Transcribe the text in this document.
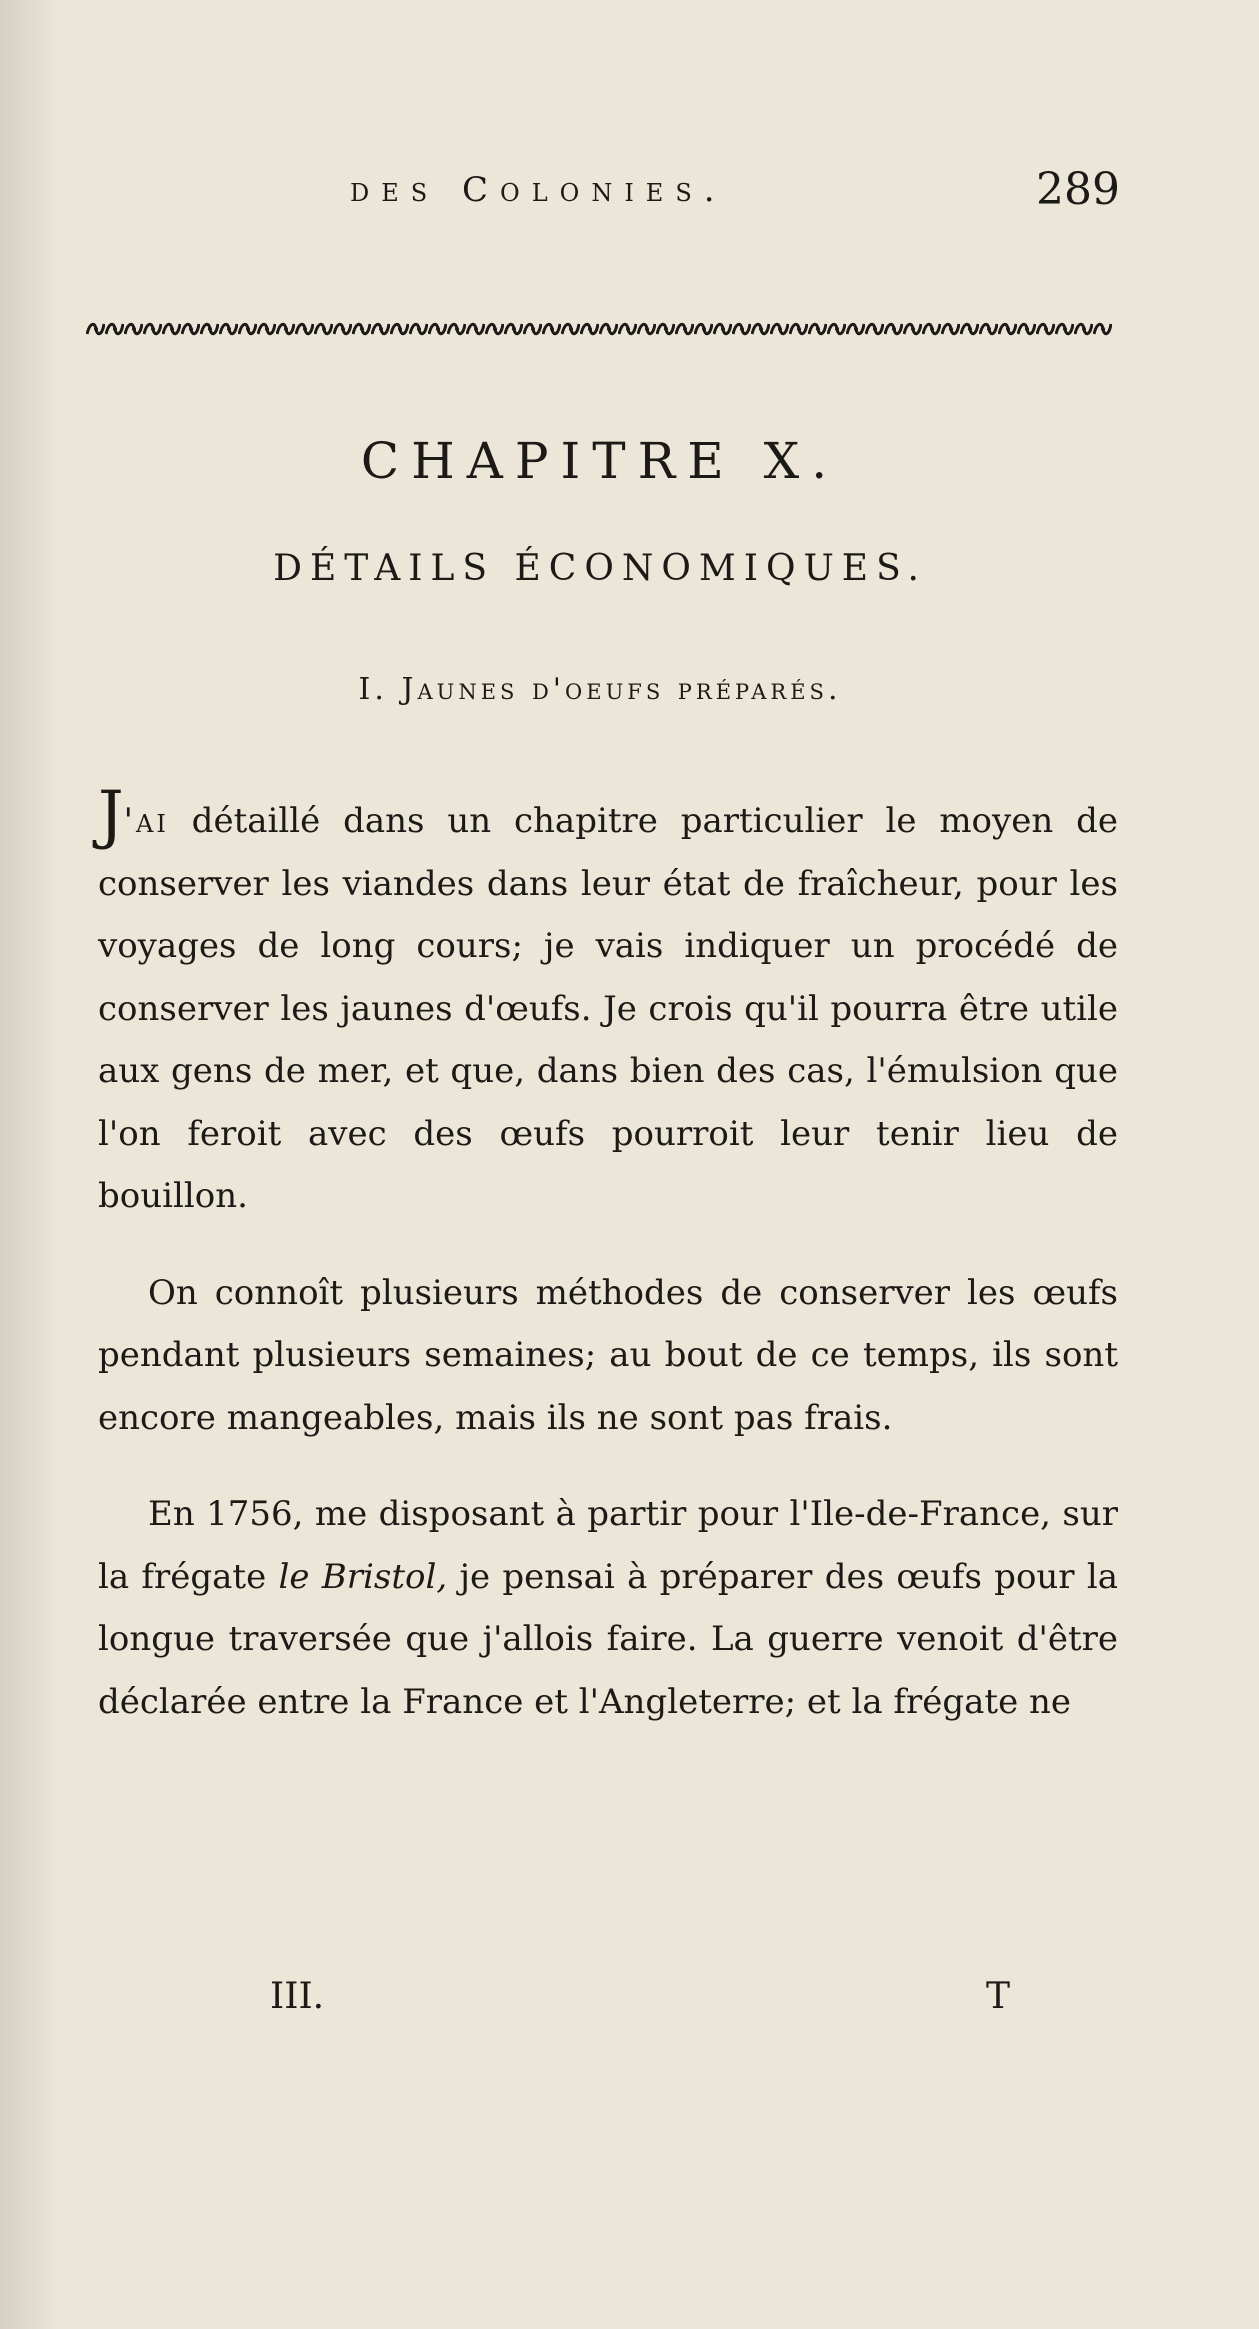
des Colonies.	289
CHAPITRE X.
DÉTAILS ÉCONOMIQUES.
I. Jaunes d'oeufs préparés.

J'ai détaillé dans un chapitre particulier le moyen de conserver les viandes dans leur état de fraîcheur, pour les voyages de long cours; je vais indiquer un procédé de conserver les jaunes d'œufs. Je crois qu'il pourra être utile aux gens de mer, et que, dans bien des cas, l'émulsion que l'on feroit avec des œufs pourroit leur tenir lieu de bouillon.

On connoît plusieurs méthodes de conserver les œufs pendant plusieurs semaines; au bout de ce temps, ils sont encore mangeables, mais ils ne sont pas frais.

En 1756, me disposant à partir pour l'Ile-de-France, sur la frégate le Bristol, je pensai à préparer des œufs pour la longue traversée que j'allois faire. La guerre venoit d'être déclarée entre la France et l'Angleterre; et la frégate ne

III.	T
